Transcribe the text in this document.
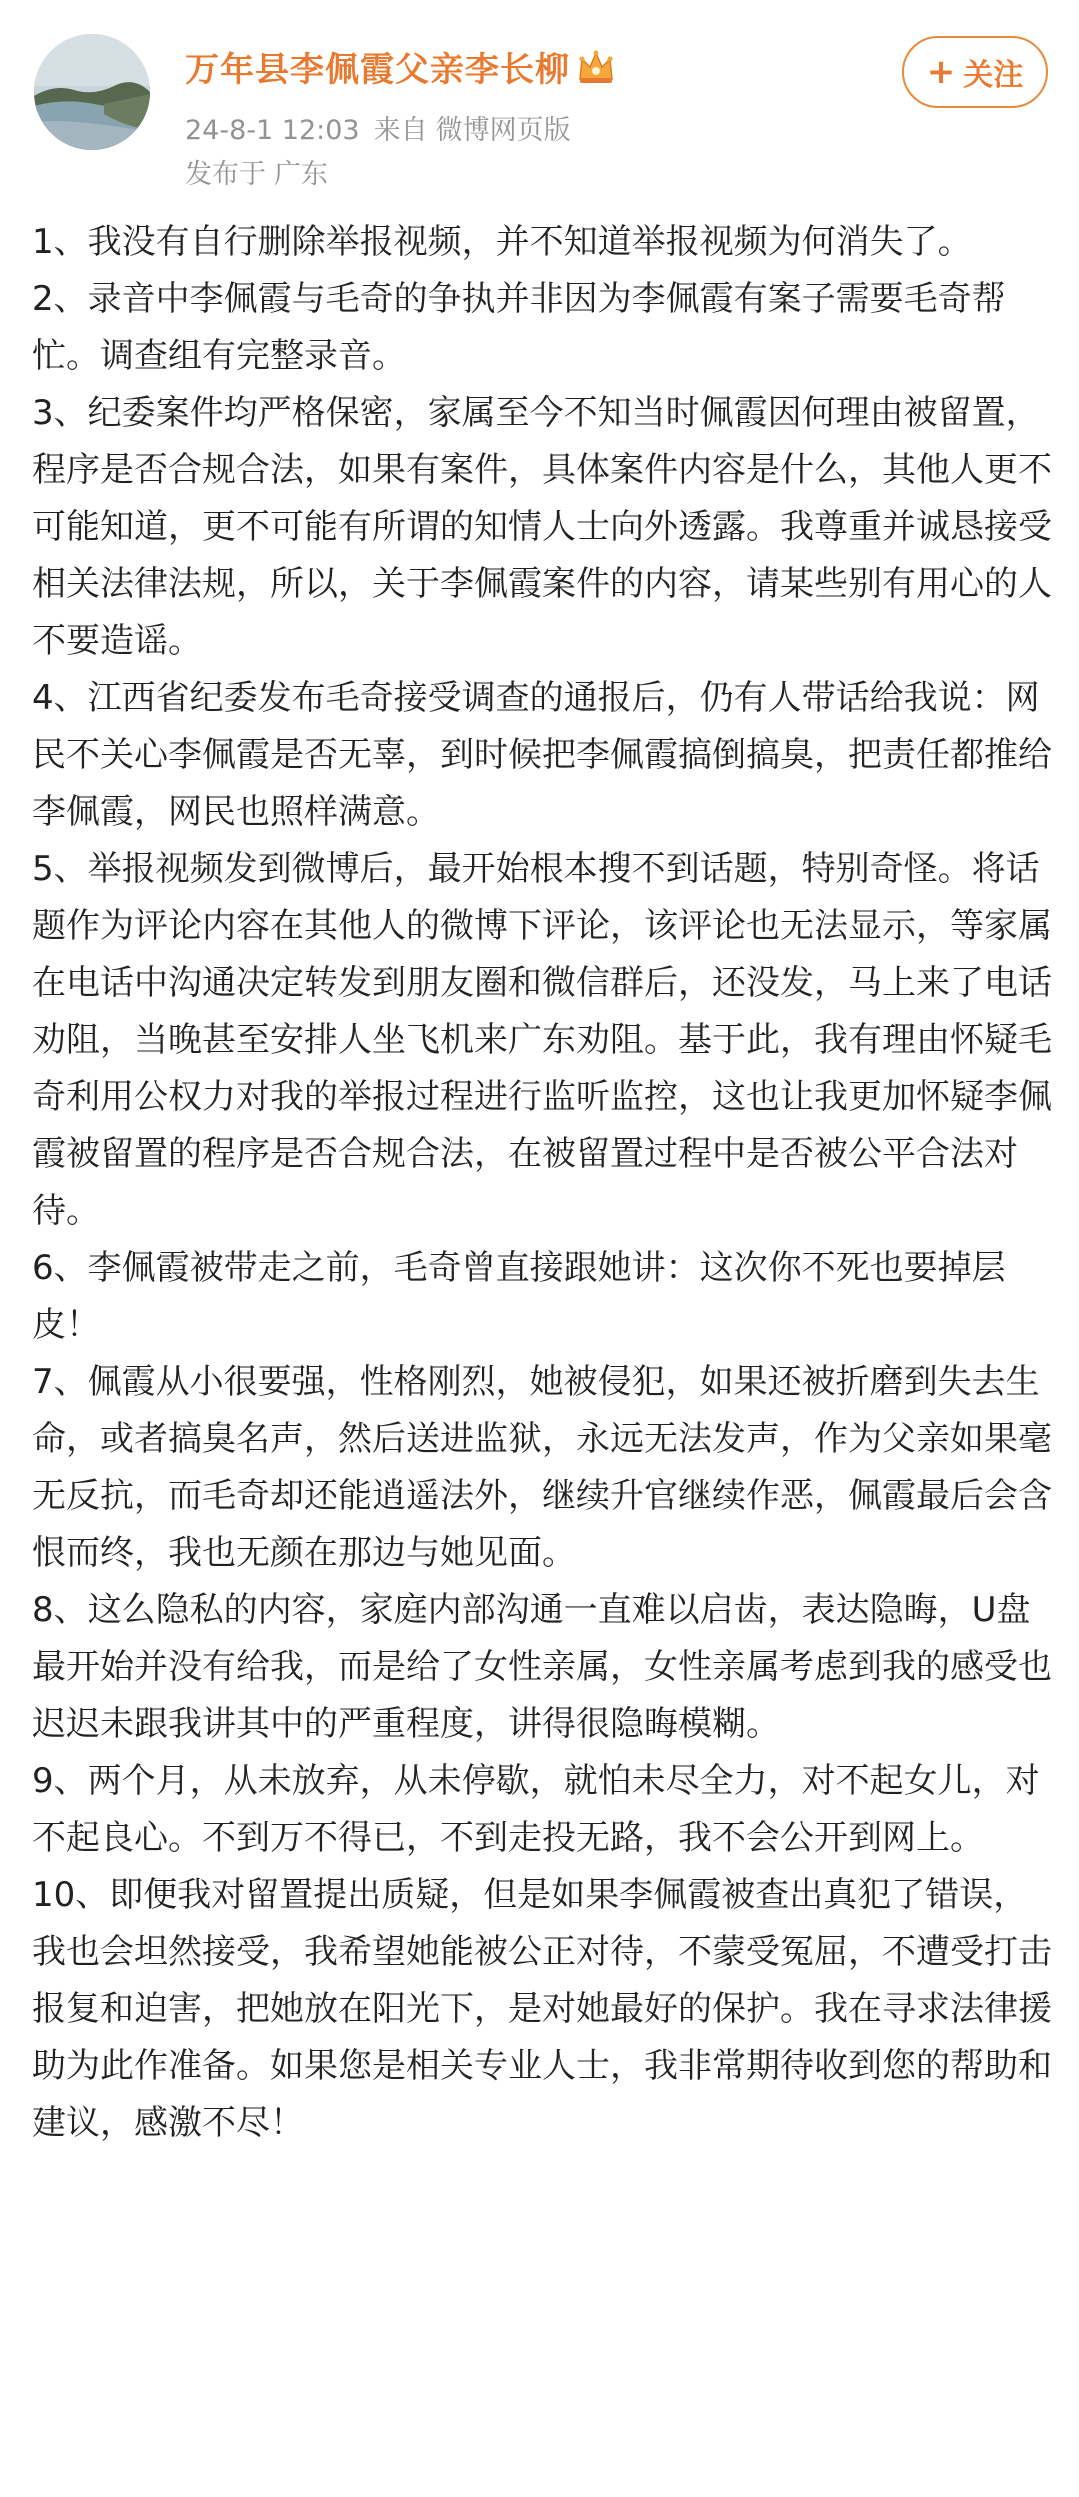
万年县李佩霞父亲李长柳
24-8-1 12:03 来自 微博网页版
发布于 广东
+ 关注

1、我没有自行删除举报视频，并不知道举报视频为何消失了。

2、录音中李佩霞与毛奇的争执并非因为李佩霞有案子需要毛奇帮忙。调查组有完整录音。

3、纪委案件均严格保密，家属至今不知当时佩霞因何理由被留置，程序是否合规合法，如果有案件，具体案件内容是什么，其他人更不可能知道，更不可能有所谓的知情人士向外透露。我尊重并诚恳接受相关法律法规，所以，关于李佩霞案件的内容，请某些别有用心的人不要造谣。

4、江西省纪委发布毛奇接受调查的通报后，仍有人带话给我说：网民不关心李佩霞是否无辜，到时候把李佩霞搞倒搞臭，把责任都推给李佩霞，网民也照样满意。

5、举报视频发到微博后，最开始根本搜不到话题，特别奇怪。将话题作为评论内容在其他人的微博下评论，该评论也无法显示，等家属在电话中沟通决定转发到朋友圈和微信群后，还没发，马上来了电话劝阻，当晚甚至安排人坐飞机来广东劝阻。基于此，我有理由怀疑毛奇利用公权力对我的举报过程进行监听监控，这也让我更加怀疑李佩霞被留置的程序是否合规合法，在被留置过程中是否被公平合法对待。

6、李佩霞被带走之前，毛奇曾直接跟她讲：这次你不死也要掉层皮！

7、佩霞从小很要强，性格刚烈，她被侵犯，如果还被折磨到失去生命，或者搞臭名声，然后送进监狱，永远无法发声，作为父亲如果毫无反抗，而毛奇却还能逍遥法外，继续升官继续作恶，佩霞最后会含恨而终，我也无颜在那边与她见面。

8、这么隐私的内容，家庭内部沟通一直难以启齿，表达隐晦，U盘最开始并没有给我，而是给了女性亲属，女性亲属考虑到我的感受也迟迟未跟我讲其中的严重程度，讲得很隐晦模糊。

9、两个月，从未放弃，从未停歇，就怕未尽全力，对不起女儿，对不起良心。不到万不得已，不到走投无路，我不会公开到网上。

10、即便我对留置提出质疑，但是如果李佩霞被查出真犯了错误，我也会坦然接受，我希望她能被公正对待，不蒙受冤屈，不遭受打击报复和迫害，把她放在阳光下，是对她最好的保护。我在寻求法律援助为此作准备。如果您是相关专业人士，我非常期待收到您的帮助和建议，感激不尽！
